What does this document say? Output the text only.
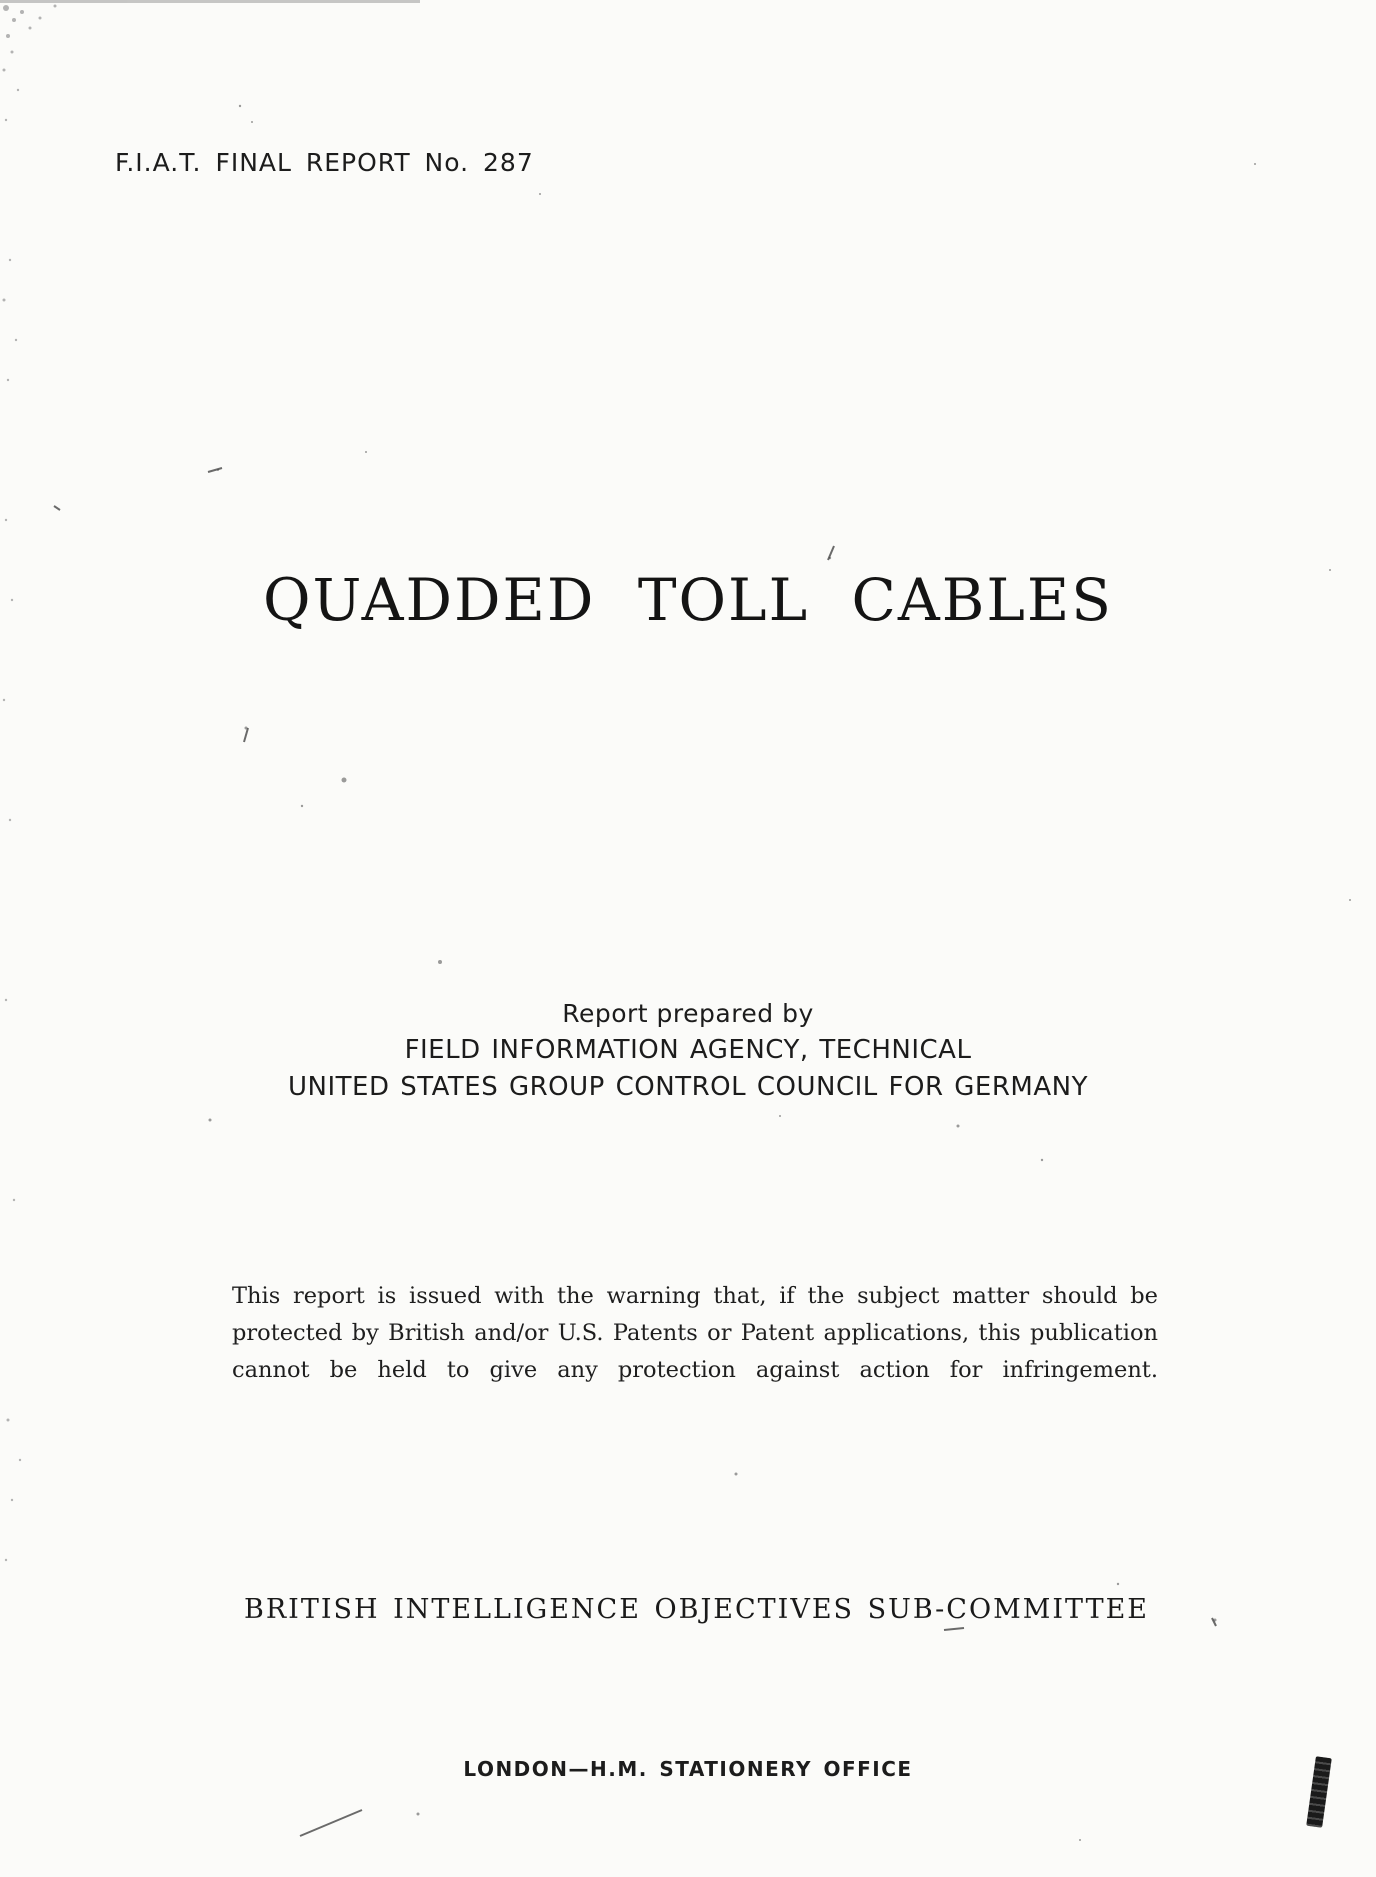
F.I.A.T. FINAL REPORT No. 287
QUADDED TOLL CABLES
Report prepared by
FIELD INFORMATION AGENCY, TECHNICAL
UNITED STATES GROUP CONTROL COUNCIL FOR GERMANY
This report is issued with the warning that, if the subject matter should be
protected by British and/or U.S. Patents or Patent applications, this publication
cannot be held to give any protection against action for infringement.
BRITISH INTELLIGENCE OBJECTIVES SUB-COMMITTEE
LONDON—H.M. STATIONERY OFFICE
